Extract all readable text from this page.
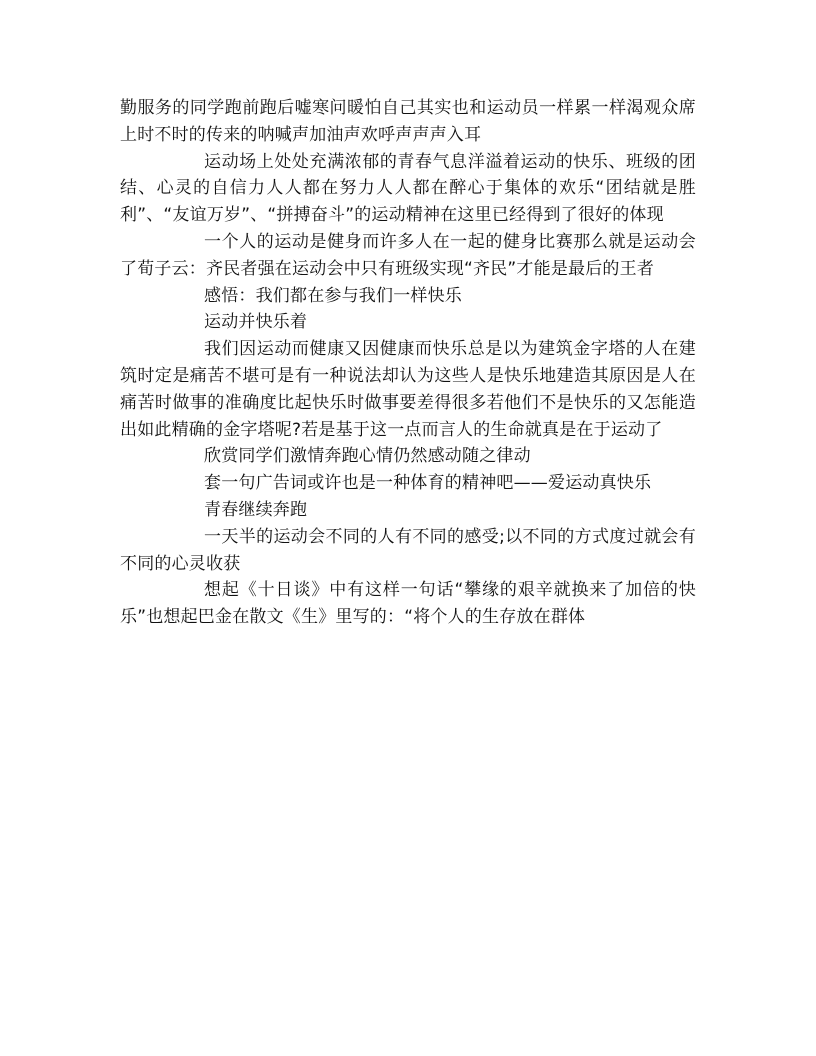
勤服务的同学跑前跑后嘘寒问暖怕自己其实也和运动员一样累一样渴观众席上时不时的传来的呐喊声加油声欢呼声声声入耳

运动场上处处充满浓郁的青春气息洋溢着运动的快乐、班级的团结、心灵的自信力人人都在努力人人都在醉心于集体的欢乐“团结就是胜利”、“友谊万岁”、“拼搏奋斗”的运动精神在这里已经得到了很好的体现

一个人的运动是健身而许多人在一起的健身比赛那么就是运动会了荀子云：齐民者强在运动会中只有班级实现“齐民”才能是最后的王者

感悟：我们都在参与我们一样快乐

运动并快乐着

我们因运动而健康又因健康而快乐总是以为建筑金字塔的人在建筑时定是痛苦不堪可是有一种说法却认为这些人是快乐地建造其原因是人在痛苦时做事的准确度比起快乐时做事要差得很多若他们不是快乐的又怎能造出如此精确的金字塔呢?若是基于这一点而言人的生命就真是在于运动了

欣赏同学们激情奔跑心情仍然感动随之律动

套一句广告词或许也是一种体育的精神吧——爱运动真快乐

青春继续奔跑

一天半的运动会不同的人有不同的感受;以不同的方式度过就会有不同的心灵收获

想起《十日谈》中有这样一句话“攀缘的艰辛就换来了加倍的快乐”也想起巴金在散文《生》里写的：“将个人的生存放在群体
